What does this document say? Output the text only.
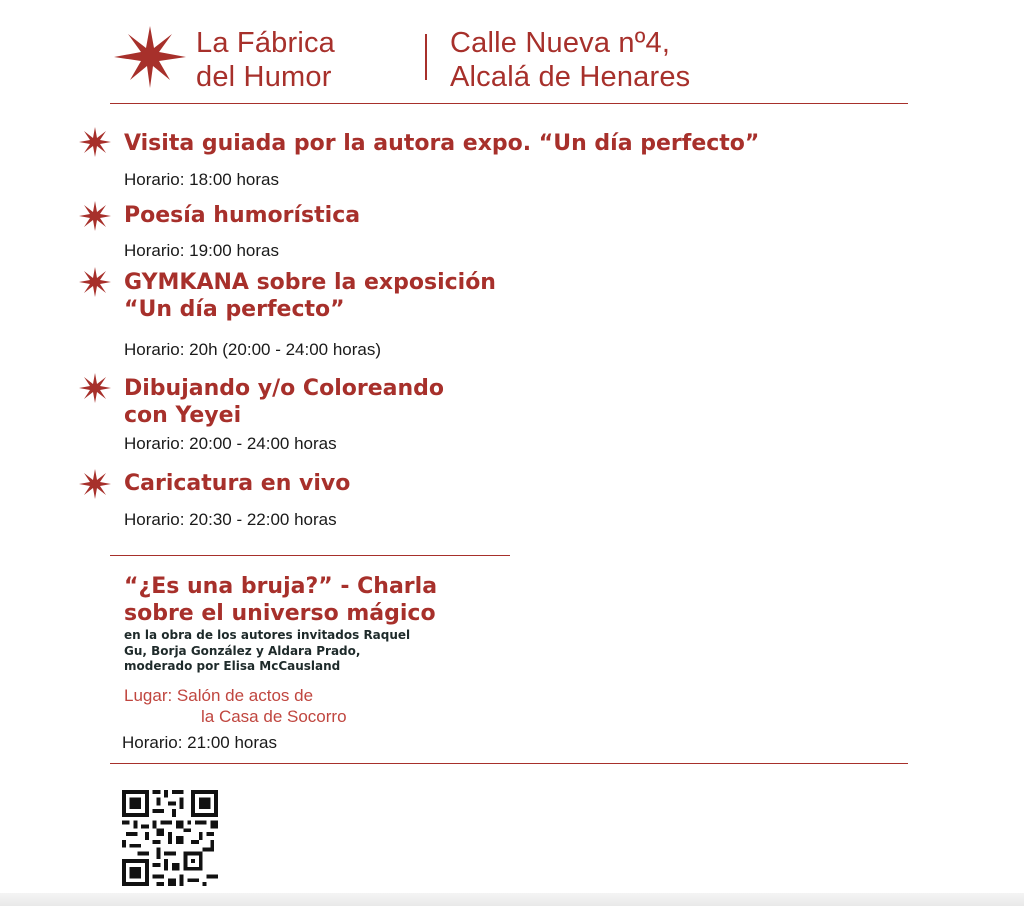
La Fábrica
del Humor
Calle Nueva nº4,
Alcalá de Henares
Visita guiada por la autora expo. “Un día perfecto”
Horario: 18:00 horas
Poesía humorística
Horario: 19:00 horas
GYMKANA sobre la exposición
“Un día perfecto”
Horario: 20h (20:00 - 24:00 horas)
Dibujando y/o Coloreando
con Yeyei
Horario: 20:00 - 24:00 horas
Caricatura en vivo
Horario: 20:30 - 22:00 horas
“¿Es una bruja?” - Charla
sobre el universo mágico
en la obra de los autores invitados Raquel
Gu, Borja González y Aldara Prado,
moderado por Elisa McCausland
Lugar: Salón de actos de
la Casa de Socorro
Horario: 21:00 horas
